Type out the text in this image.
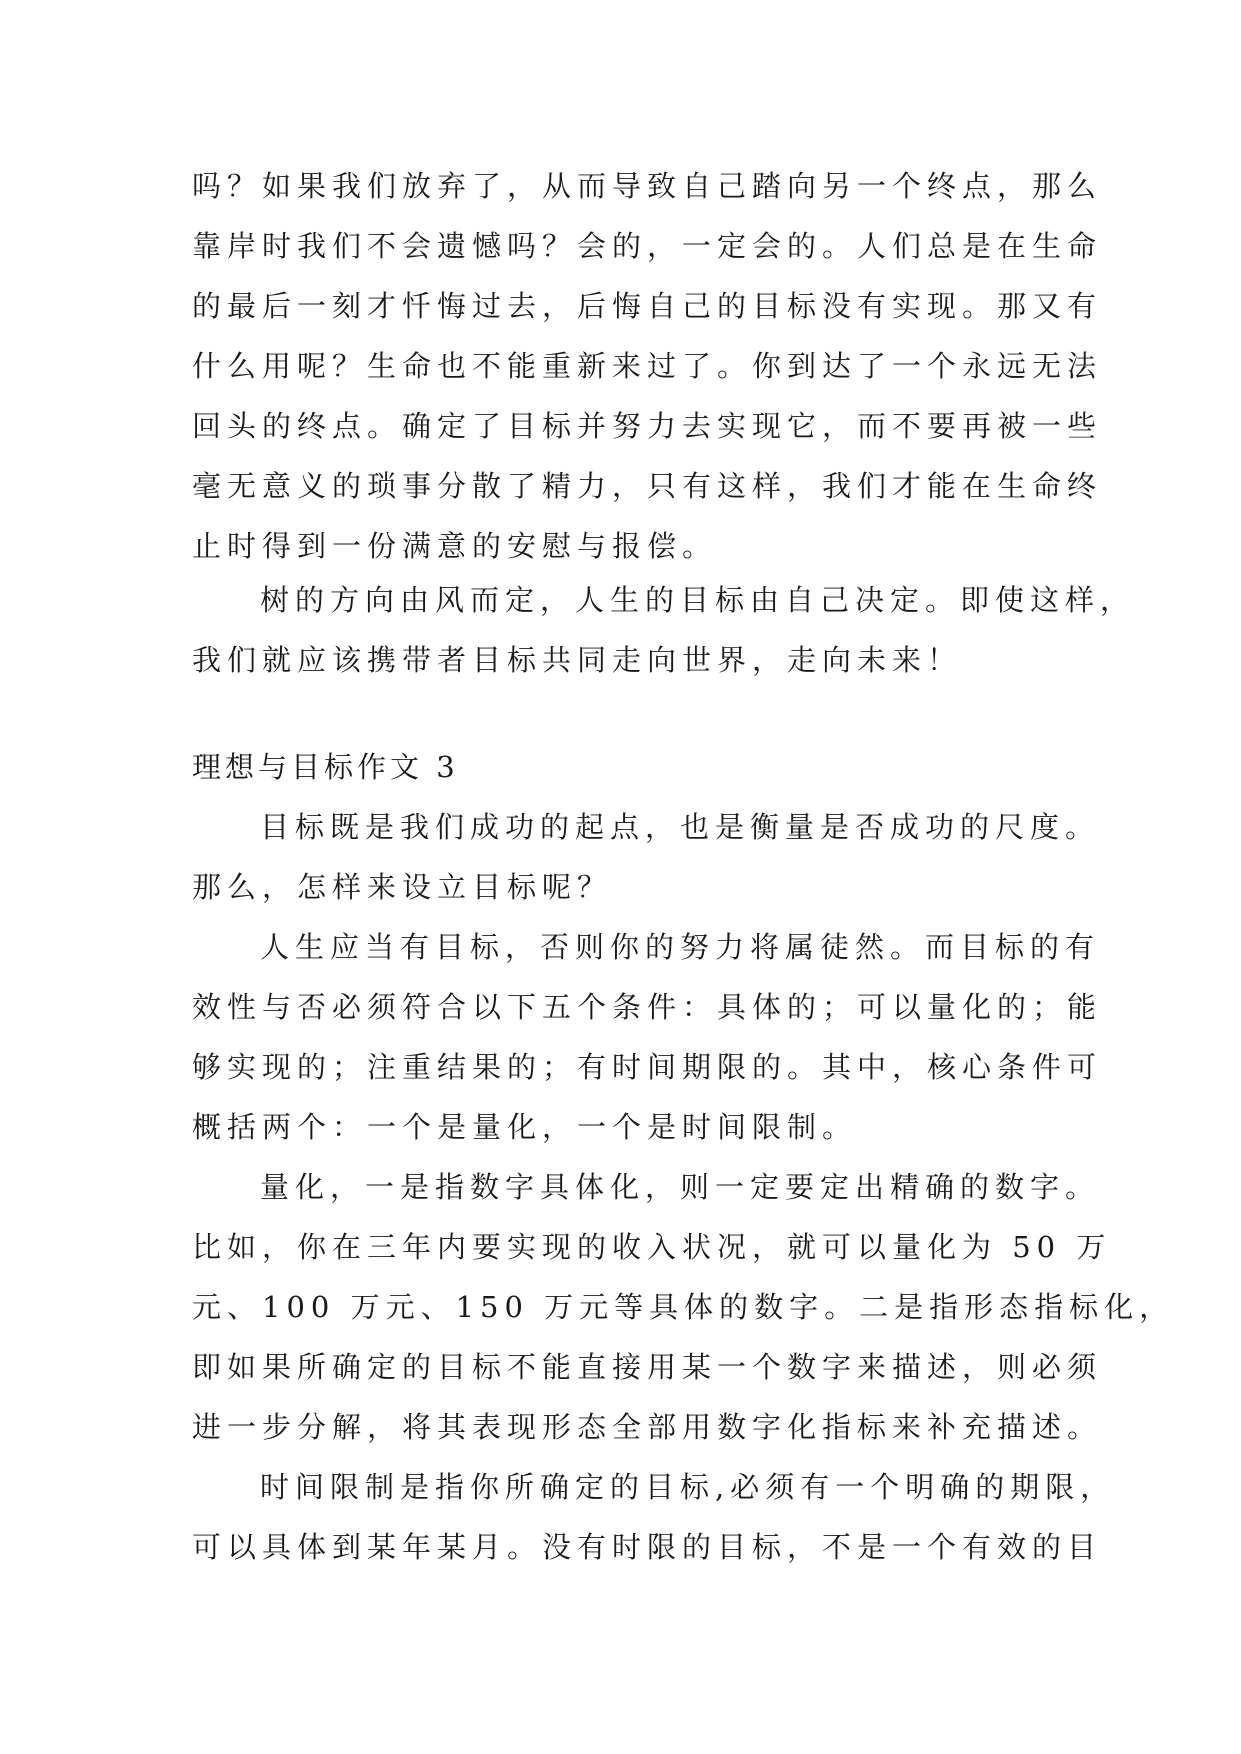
吗？如果我们放弃了，从而导致自己踏向另一个终点，那么
靠岸时我们不会遗憾吗？会的，一定会的。人们总是在生命
的最后一刻才忏悔过去，后悔自己的目标没有实现。那又有
什么用呢？生命也不能重新来过了。你到达了一个永远无法
回头的终点。确定了目标并努力去实现它，而不要再被一些
毫无意义的琐事分散了精力，只有这样，我们才能在生命终
止时得到一份满意的安慰与报偿。
树的方向由风而定，人生的目标由自己决定。即使这样，
我们就应该携带者目标共同走向世界，走向未来！
理想与目标作文 3
目标既是我们成功的起点，也是衡量是否成功的尺度。
那么，怎样来设立目标呢？
人生应当有目标，否则你的努力将属徒然。而目标的有
效性与否必须符合以下五个条件：具体的；可以量化的；能
够实现的；注重结果的；有时间期限的。其中，核心条件可
概括两个：一个是量化，一个是时间限制。
量化，一是指数字具体化，则一定要定出精确的数字。
比如，你在三年内要实现的收入状况，就可以量化为 50 万
元、100 万元、150 万元等具体的数字。二是指形态指标化，
即如果所确定的目标不能直接用某一个数字来描述，则必须
进一步分解，将其表现形态全部用数字化指标来补充描述。
时间限制是指你所确定的目标,必须有一个明确的期限，
可以具体到某年某月。没有时限的目标，不是一个有效的目
